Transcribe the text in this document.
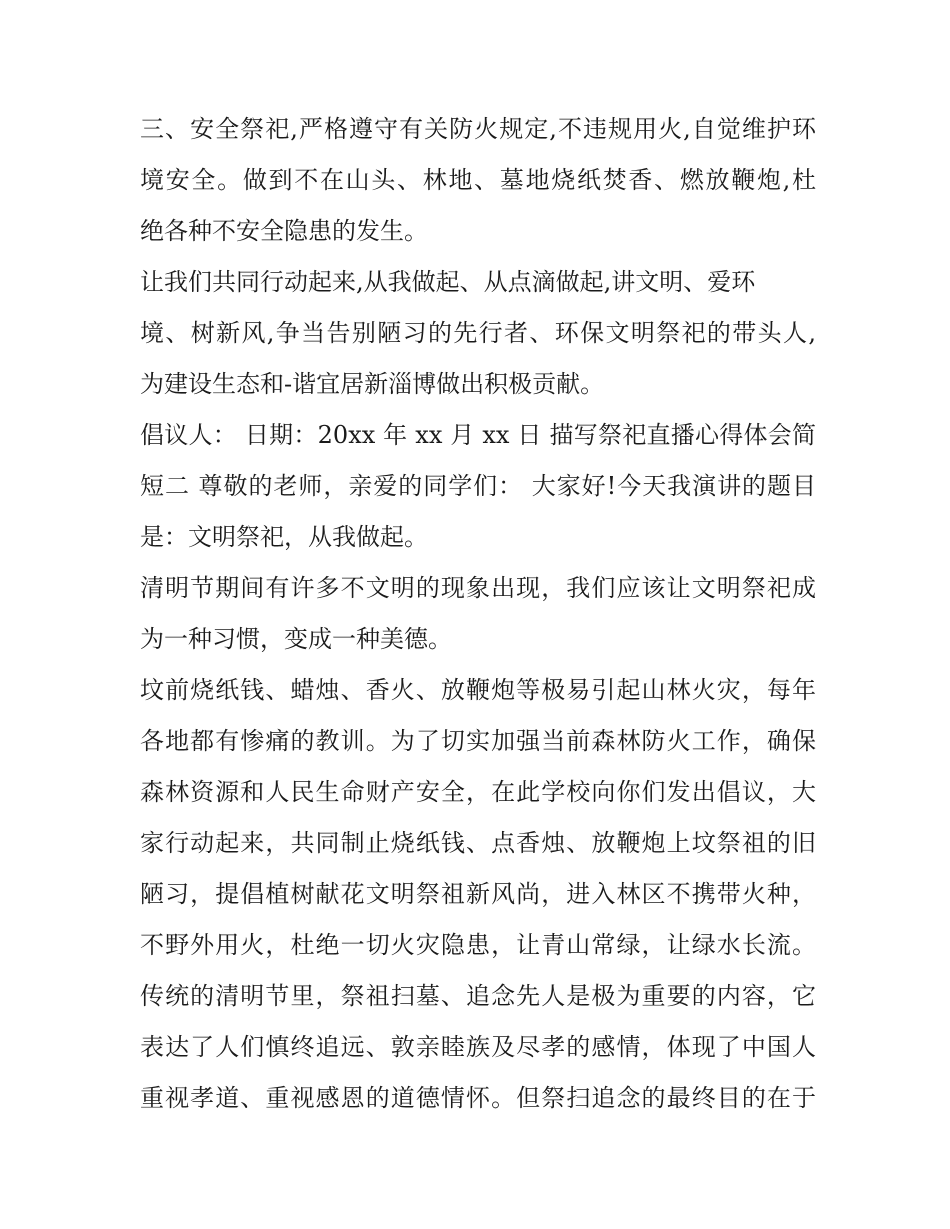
三、安全祭祀,严格遵守有关防火规定,不违规用火,自觉维护环
境安全。做到不在山头、林地、墓地烧纸焚香、燃放鞭炮,杜
绝各种不安全隐患的发生。
让我们共同行动起来,从我做起、从点滴做起,讲文明、爱环
境、树新风,争当告别陋习的先行者、环保文明祭祀的带头人,
为建设生态和-谐宜居新淄博做出积极贡献。
倡议人： 日期：20xx 年 xx 月 xx 日 描写祭祀直播心得体会简
短二 尊敬的老师，亲爱的同学们： 大家好!今天我演讲的题目
是：文明祭祀，从我做起。
清明节期间有许多不文明的现象出现，我们应该让文明祭祀成
为一种习惯，变成一种美德。
坟前烧纸钱、蜡烛、香火、放鞭炮等极易引起山林火灾，每年
各地都有惨痛的教训。为了切实加强当前森林防火工作，确保
森林资源和人民生命财产安全，在此学校向你们发出倡议，大
家行动起来，共同制止烧纸钱、点香烛、放鞭炮上坟祭祖的旧
陋习，提倡植树献花文明祭祖新风尚，进入林区不携带火种，
不野外用火，杜绝一切火灾隐患，让青山常绿，让绿水长流。
传统的清明节里，祭祖扫墓、追念先人是极为重要的内容，它
表达了人们慎终追远、敦亲睦族及尽孝的感情，体现了中国人
重视孝道、重视感恩的道德情怀。但祭扫追念的最终目的在于
